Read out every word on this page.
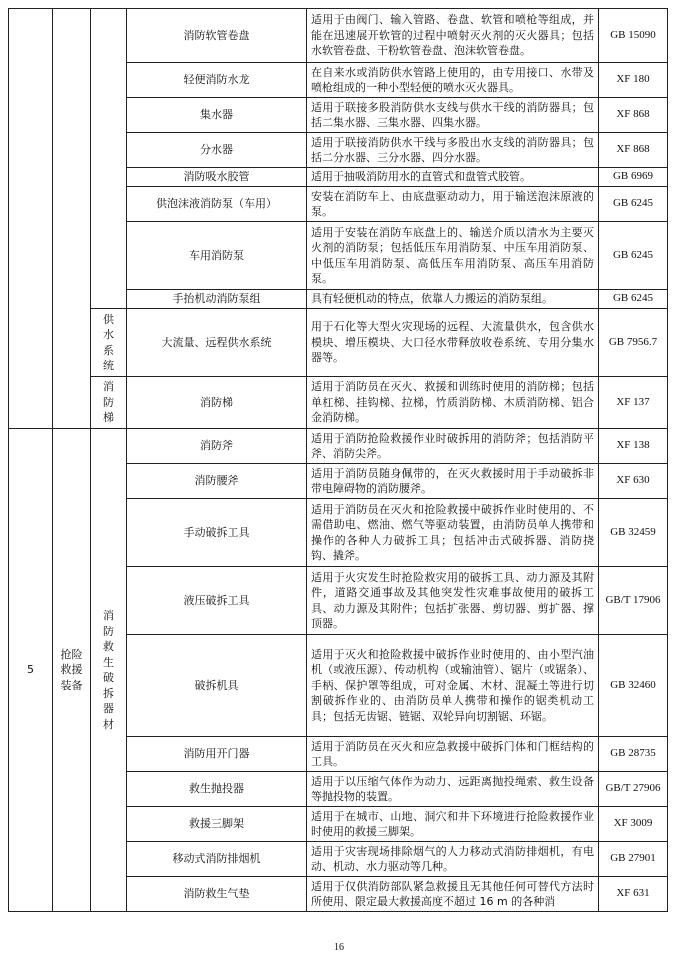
			消防软管卷盘	适用于由阀门、输入管路、卷盘、软管和喷枪等组成，并能在迅速展开软管的过程中喷射灭火剂的灭火器具；包括水软管卷盘、干粉软管卷盘、泡沫软管卷盘。	GB 15090
			轻便消防水龙	在自来水或消防供水管路上使用的，由专用接口、水带及喷枪组成的一种小型轻便的喷水灭火器具。	XF 180
			集水器	适用于联接多股消防供水支线与供水干线的消防器具；包括二集水器、三集水器、四集水器。	XF 868
			分水器	适用于联接消防供水干线与多股出水支线的消防器具；包括二分水器、三分水器、四分水器。	XF 868
			消防吸水胶管	适用于抽吸消防用水的直管式和盘管式胶管。	GB 6969
			供泡沫液消防泵（车用）	安装在消防车上、由底盘驱动动力，用于输送泡沫原液的泵。	GB 6245
			车用消防泵	适用于安装在消防车底盘上的、输送介质以清水为主要灭火剂的消防泵；包括低压车用消防泵、中压车用消防泵、中低压车用消防泵、高低压车用消防泵、高压车用消防泵。	GB 6245
			手抬机动消防泵组	具有轻便机动的特点，依靠人力搬运的消防泵组。	GB 6245
		供水系统	大流量、远程供水系统	用于石化等大型火灾现场的远程、大流量供水，包含供水模块、增压模块、大口径水带释放收卷系统、专用分集水器等。	GB 7956.7
		消防梯	消防梯	适用于消防员在灭火、救援和训练时使用的消防梯；包括单杠梯、挂钩梯、拉梯，竹质消防梯、木质消防梯、铝合金消防梯。	XF 137
5	抢险救援装备	消防救生破拆器材	消防斧	适用于消防抢险救援作业时破拆用的消防斧；包括消防平斧、消防尖斧。	XF 138
			消防腰斧	适用于消防员随身佩带的，在灭火救援时用于手动破拆非带电障碍物的消防腰斧。	XF 630
			手动破拆工具	适用于消防员在灭火和抢险救援中破拆作业时使用的、不需借助电、燃油、燃气等驱动装置，由消防员单人携带和操作的各种人力破拆工具；包括冲击式破拆器、消防挠钩、撬斧。	GB 32459
			液压破拆工具	适用于火灾发生时抢险救灾用的破拆工具、动力源及其附件，道路交通事故及其他突发性灾难事故使用的破拆工具、动力源及其附件；包括扩张器、剪切器、剪扩器、撑顶器。	GB/T 17906
			破拆机具	适用于灭火和抢险救援中破拆作业时使用的、由小型汽油机（或液压源）、传动机构（或输油管）、锯片（或锯条）、手柄、保护罩等组成，可对金属、木材、混凝土等进行切割破拆作业的、由消防员单人携带和操作的锯类机动工具；包括无齿锯、链锯、双轮异向切割锯、环锯。	GB 32460
			消防用开门器	适用于消防员在灭火和应急救援中破拆门体和门框结构的工具。	GB 28735
			救生抛投器	适用于以压缩气体作为动力、远距离抛投绳索、救生设备等抛投物的装置。	GB/T 27906
			救援三脚架	适用于在城市、山地、洞穴和井下环境进行抢险救援作业时使用的救援三脚架。	XF 3009
			移动式消防排烟机	适用于灾害现场排除烟气的人力移动式消防排烟机，有电动、机动、水力驱动等几种。	GB 27901
			消防救生气垫	适用于仅供消防部队紧急救援且无其他任何可替代方法时所使用、限定最大救援高度不超过 16 m 的各种消	XF 631
16
